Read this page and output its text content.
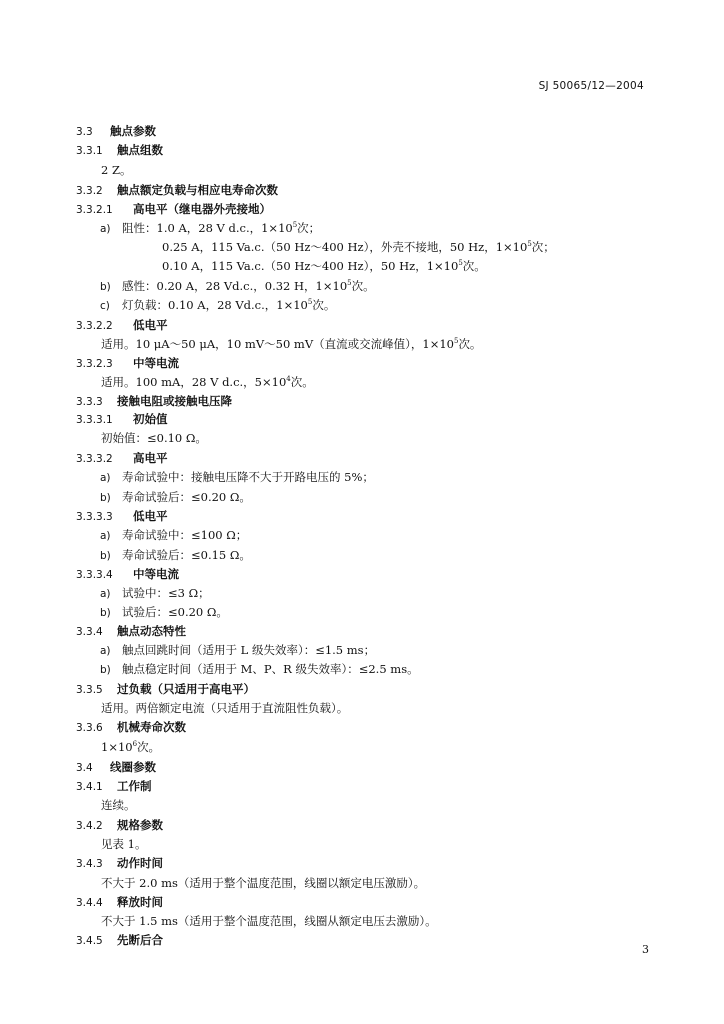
SJ 50065/12—2004
3.3 触点参数
3.3.1 触点组数
2 Z。
3.3.2 触点额定负载与相应电寿命次数
3.3.2.1 高电平（继电器外壳接地）
a) 阻性：1.0 A，28 V d.c.，$1\times 10^5$次；
0.25 A，115 Va.c.（50 Hz～400 Hz），外壳不接地，50 Hz，$1\times 10^5$次；
0.10 A，115 Va.c.（50 Hz～400 Hz），50 Hz，$1\times 10^5$次。
b) 感性：0.20 A，28 Vd.c.，0.32 H，$1\times 10^5$次。
c) 灯负载：0.10 A，28 Vd.c.，$1\times 10^5$次。
3.3.2.2 低电平
适用。10 μA～50 μA，10 mV～50 mV（直流或交流峰值），$1\times 10^5$次。
3.3.2.3 中等电流
适用。100 mA，28 V d.c.，$5\times 10^4$次。
3.3.3 接触电阻或接触电压降
3.3.3.1 初始值
初始值：≤0.10 Ω。
3.3.3.2 高电平
a) 寿命试验中：接触电压降不大于开路电压的 5%；
b) 寿命试验后：≤0.20 Ω。
3.3.3.3 低电平
a) 寿命试验中：≤100 Ω；
b) 寿命试验后：≤0.15 Ω。
3.3.3.4 中等电流
a) 试验中：≤3 Ω；
b) 试验后：≤0.20 Ω。
3.3.4 触点动态特性
a) 触点回跳时间（适用于 L 级失效率）：≤1.5 ms；
b) 触点稳定时间（适用于 M、P、R 级失效率）：≤2.5 ms。
3.3.5 过负载（只适用于高电平）
适用。两倍额定电流（只适用于直流阻性负载）。
3.3.6 机械寿命次数
$1\times 10^6$次。
3.4 线圈参数
3.4.1 工作制
连续。
3.4.2 规格参数
见表 1。
3.4.3 动作时间
不大于 2.0 ms（适用于整个温度范围，线圈以额定电压激励）。
3.4.4 释放时间
不大于 1.5 ms（适用于整个温度范围，线圈从额定电压去激励）。
3.4.5 先断后合
3
